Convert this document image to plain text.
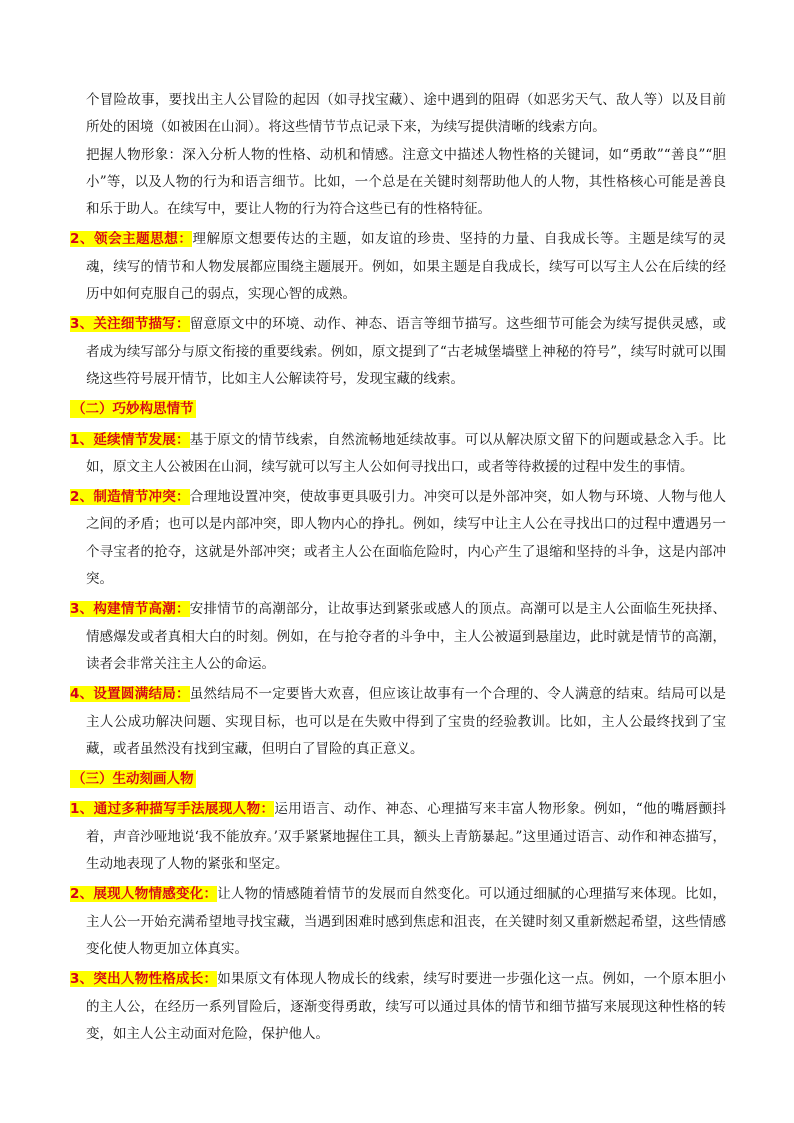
个冒险故事，要找出主人公冒险的起因（如寻找宝藏）、途中遇到的阻碍（如恶劣天气、敌人等）以及目前所处的困境（如被困在山洞）。将这些情节节点记录下来，为续写提供清晰的线索方向。

把握人物形象：深入分析人物的性格、动机和情感。注意文中描述人物性格的关键词，如“勇敢”“善良”“胆小”等，以及人物的行为和语言细节。比如，一个总是在关键时刻帮助他人的人物，其性格核心可能是善良和乐于助人。在续写中，要让人物的行为符合这些已有的性格特征。

2、领会主题思想：理解原文想要传达的主题，如友谊的珍贵、坚持的力量、自我成长等。主题是续写的灵魂，续写的情节和人物发展都应围绕主题展开。例如，如果主题是自我成长，续写可以写主人公在后续的经历中如何克服自己的弱点，实现心智的成熟。

3、关注细节描写：留意原文中的环境、动作、神态、语言等细节描写。这些细节可能会为续写提供灵感，或者成为续写部分与原文衔接的重要线索。例如，原文提到了“古老城堡墙壁上神秘的符号”，续写时就可以围绕这些符号展开情节，比如主人公解读符号，发现宝藏的线索。

（二）巧妙构思情节

1、延续情节发展：基于原文的情节线索，自然流畅地延续故事。可以从解决原文留下的问题或悬念入手。比如，原文主人公被困在山洞，续写就可以写主人公如何寻找出口，或者等待救援的过程中发生的事情。

2、制造情节冲突：合理地设置冲突，使故事更具吸引力。冲突可以是外部冲突，如人物与环境、人物与他人之间的矛盾；也可以是内部冲突，即人物内心的挣扎。例如，续写中让主人公在寻找出口的过程中遭遇另一个寻宝者的抢夺，这就是外部冲突；或者主人公在面临危险时，内心产生了退缩和坚持的斗争，这是内部冲突。

3、构建情节高潮：安排情节的高潮部分，让故事达到紧张或感人的顶点。高潮可以是主人公面临生死抉择、情感爆发或者真相大白的时刻。例如，在与抢夺者的斗争中，主人公被逼到悬崖边，此时就是情节的高潮，读者会非常关注主人公的命运。

4、设置圆满结局：虽然结局不一定要皆大欢喜，但应该让故事有一个合理的、令人满意的结束。结局可以是主人公成功解决问题、实现目标，也可以是在失败中得到了宝贵的经验教训。比如，主人公最终找到了宝藏，或者虽然没有找到宝藏，但明白了冒险的真正意义。

（三）生动刻画人物

1、通过多种描写手法展现人物：运用语言、动作、神态、心理描写来丰富人物形象。例如，“他的嘴唇颤抖着，声音沙哑地说‘我不能放弃。’双手紧紧地握住工具，额头上青筋暴起。”这里通过语言、动作和神态描写，生动地表现了人物的紧张和坚定。

2、展现人物情感变化：让人物的情感随着情节的发展而自然变化。可以通过细腻的心理描写来体现。比如，主人公一开始充满希望地寻找宝藏，当遇到困难时感到焦虑和沮丧，在关键时刻又重新燃起希望，这些情感变化使人物更加立体真实。

3、突出人物性格成长：如果原文有体现人物成长的线索，续写时要进一步强化这一点。例如，一个原本胆小的主人公，在经历一系列冒险后，逐渐变得勇敢，续写可以通过具体的情节和细节描写来展现这种性格的转变，如主人公主动面对危险，保护他人。
